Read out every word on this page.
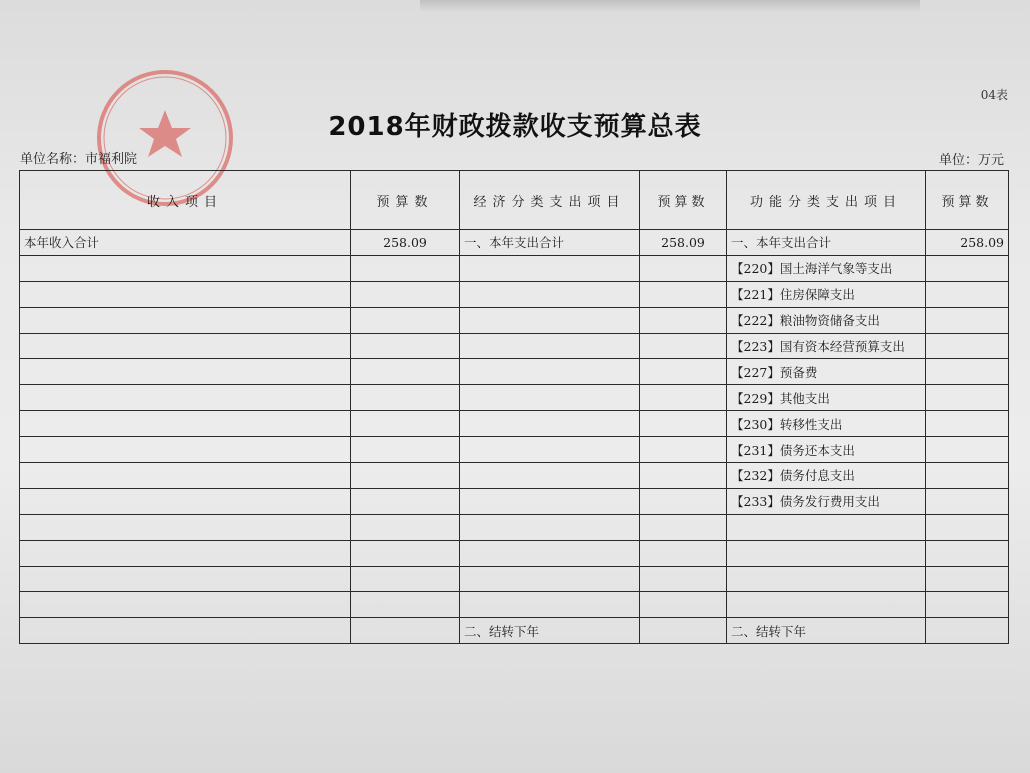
04表
2018年财政拨款收支预算总表
单位名称：市福利院	单位：万元
收入项目	预算数	经济分类支出项目	预算数	功能分类支出项目	预算数
本年收入合计	258.09	一、本年支出合计	258.09	一、本年支出合计	258.09
				【220】国土海洋气象等支出	
				【221】住房保障支出	
				【222】粮油物资储备支出	
				【223】国有资本经营预算支出	
				【227】预备费	
				【229】其他支出	
				【230】转移性支出	
				【231】债务还本支出	
				【232】债务付息支出	
				【233】债务发行费用支出	

		二、结转下年		二、结转下年	
